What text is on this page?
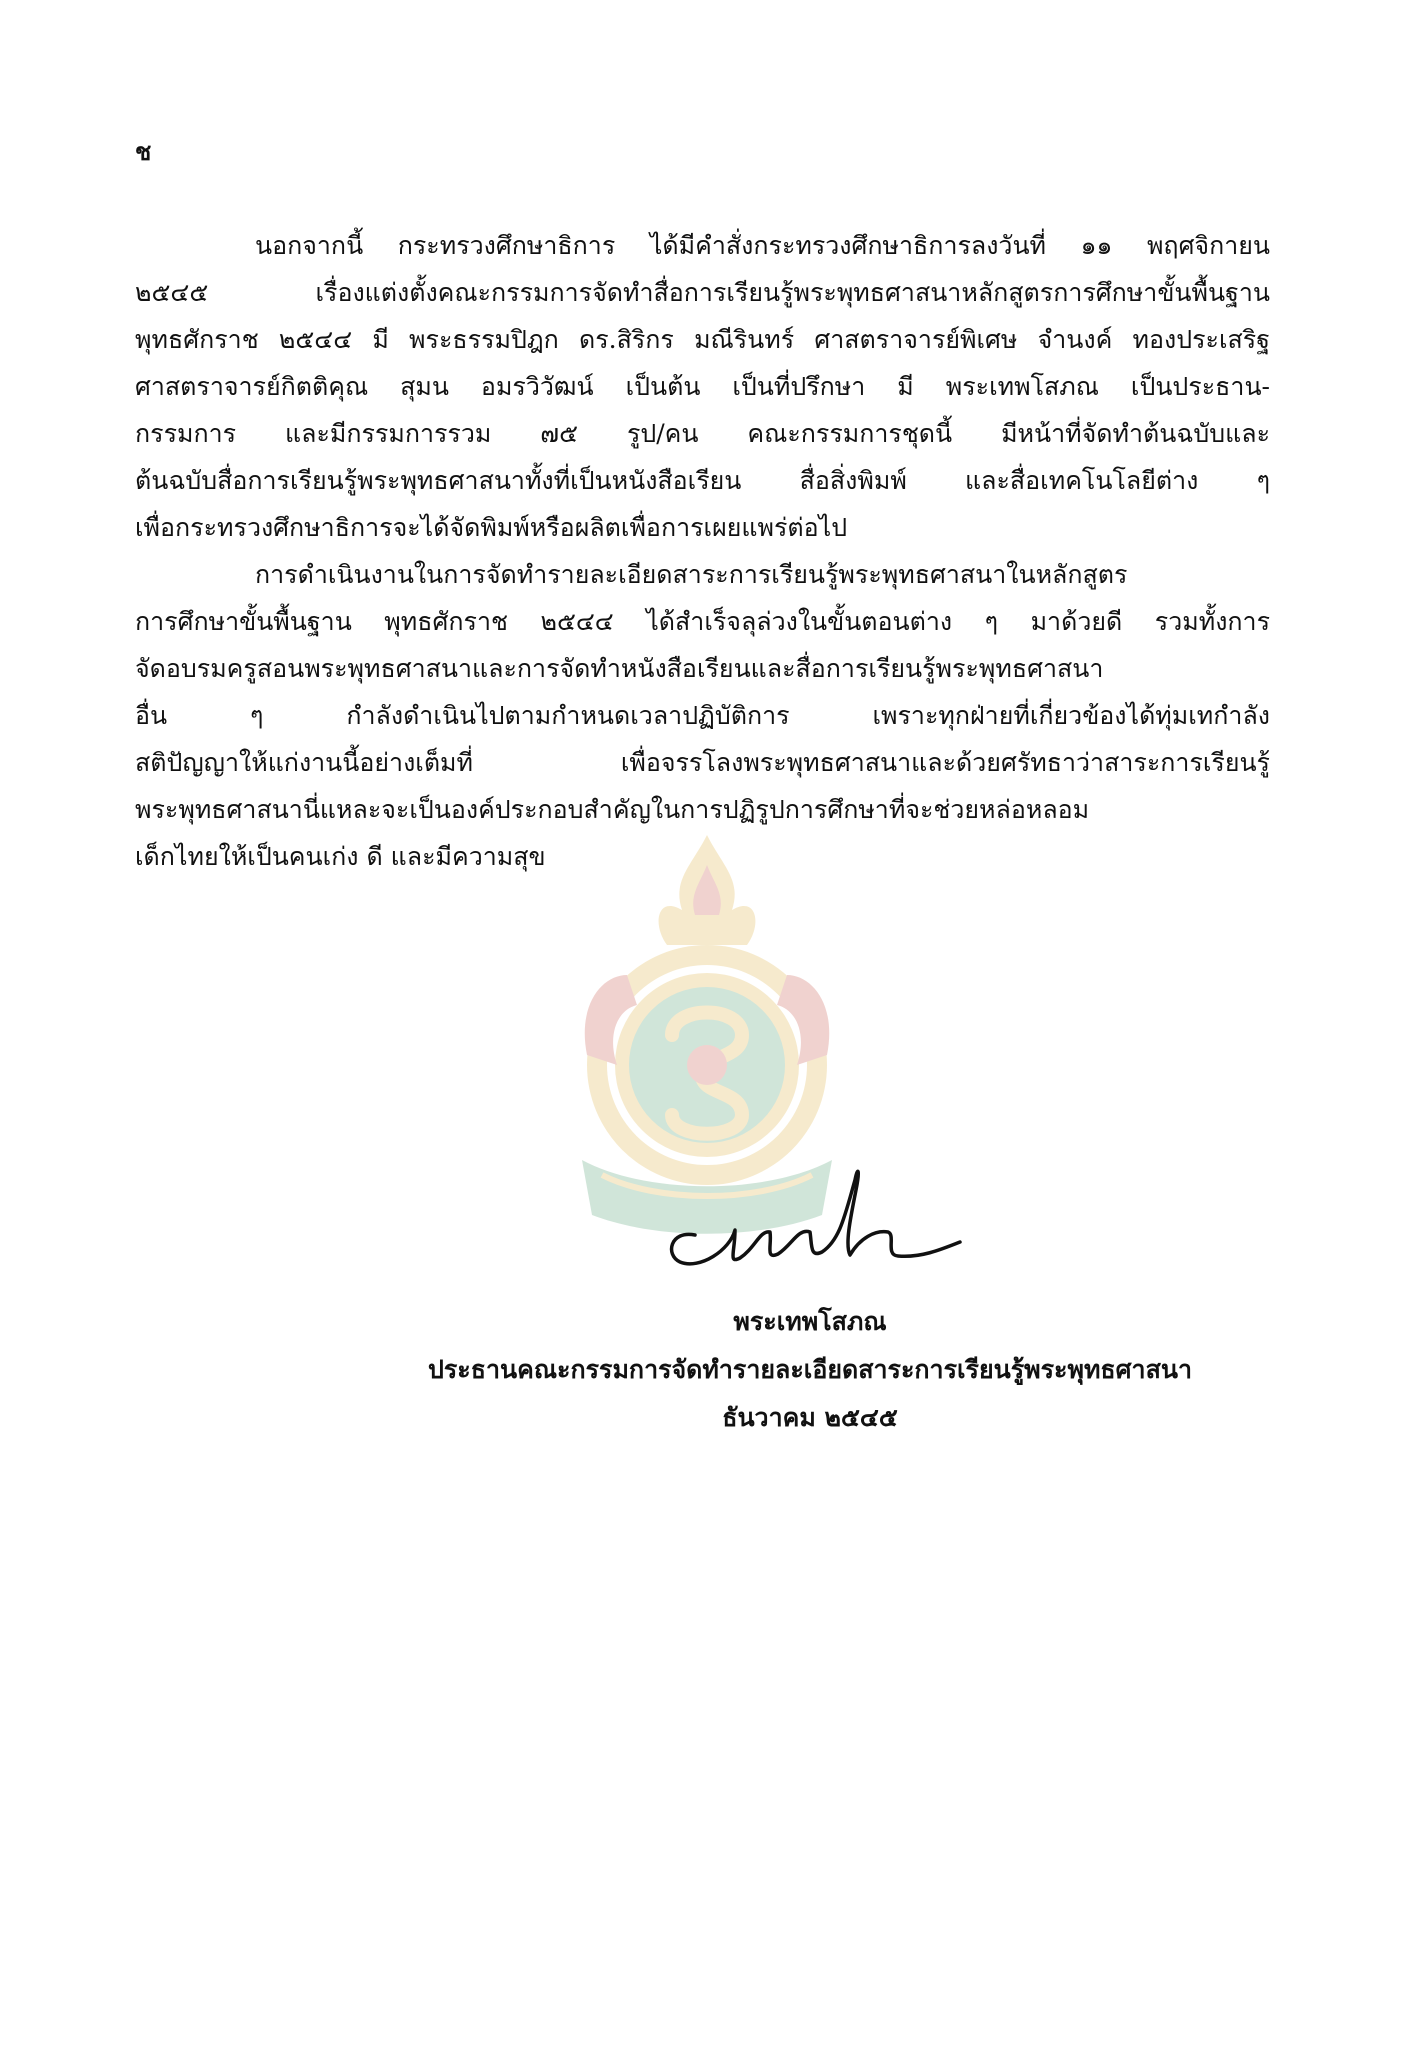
ช
นอกจากนี้ กระทรวงศึกษาธิการ ได้มีคำสั่งกระทรวงศึกษาธิการลงวันที่ ๑๑ พฤศจิกายน
๒๕๔๕ เรื่องแต่งตั้งคณะกรรมการจัดทำสื่อการเรียนรู้พระพุทธศาสนาหลักสูตรการศึกษาขั้นพื้นฐาน
พุทธศักราช ๒๕๔๔ มี พระธรรมปิฎก ดร.สิริกร มณีรินทร์ ศาสตราจารย์พิเศษ จำนงค์ ทองประเสริฐ
ศาสตราจารย์กิตติคุณ สุมน อมรวิวัฒน์ เป็นต้น เป็นที่ปรึกษา มี พระเทพโสภณ เป็นประธาน-
กรรมการ และมีกรรมการรวม ๗๕ รูป/คน คณะกรรมการชุดนี้ มีหน้าที่จัดทำต้นฉบับและ
ต้นฉบับสื่อการเรียนรู้พระพุทธศาสนาทั้งที่เป็นหนังสือเรียน สื่อสิ่งพิมพ์ และสื่อเทคโนโลยีต่าง ๆ
เพื่อกระทรวงศึกษาธิการจะได้จัดพิมพ์หรือผลิตเพื่อการเผยแพร่ต่อไป
การดำเนินงานในการจัดทำรายละเอียดสาระการเรียนรู้พระพุทธศาสนาในหลักสูตร
การศึกษาขั้นพื้นฐาน พุทธศักราช ๒๕๔๔ ได้สำเร็จลุล่วงในขั้นตอนต่าง ๆ มาด้วยดี รวมทั้งการ
จัดอบรมครูสอนพระพุทธศาสนาและการจัดทำหนังสือเรียนและสื่อการเรียนรู้พระพุทธศาสนา
อื่น ๆ กำลังดำเนินไปตามกำหนดเวลาปฏิบัติการ เพราะทุกฝ่ายที่เกี่ยวข้องได้ทุ่มเทกำลัง
สติปัญญาให้แก่งานนี้อย่างเต็มที่ เพื่อจรรโลงพระพุทธศาสนาและด้วยศรัทธาว่าสาระการเรียนรู้
พระพุทธศาสนานี่แหละจะเป็นองค์ประกอบสำคัญในการปฏิรูปการศึกษาที่จะช่วยหล่อหลอม
เด็กไทยให้เป็นคนเก่ง ดี และมีความสุข
พระเทพโสภณ
ประธานคณะกรรมการจัดทำรายละเอียดสาระการเรียนรู้พระพุทธศาสนา
ธันวาคม ๒๕๔๕
